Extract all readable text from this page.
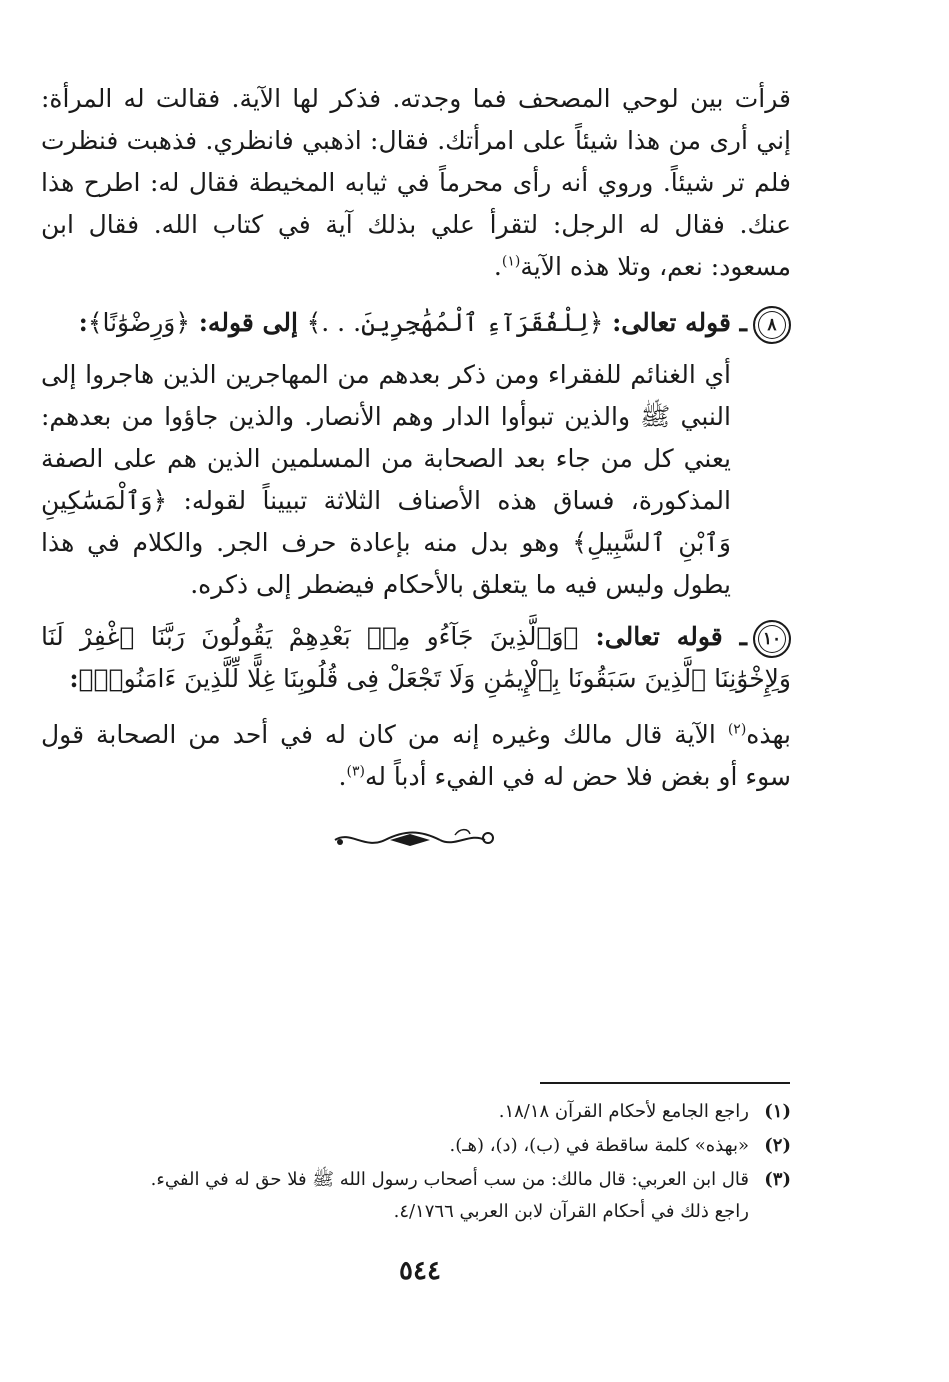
قرأت بين لوحي المصحف فما وجدته. فذكر لها الآية. فقالت له المرأة: إني أرى من هذا شيئاً على امرأتك. فقال: اذهبي فانظري. فذهبت فنظرت فلم تر شيئاً. وروي أنه رأى محرماً في ثيابه المخيطة فقال له: اطرح هذا عنك. فقال له الرجل: لتقرأ علي بذلك آية في كتاب الله. فقال ابن مسعود: نعم، وتلا هذه الآية$^{(١)}$.

٨ـ قوله تعالى: ﴿لِلْفُقَرَآءِ ٱلْمُهَٰجِرِينَ. . .﴾ إلى قوله: ﴿وَرِضْوَٰنًا﴾:

أي الغنائم للفقراء ومن ذكر بعدهم من المهاجرين الذين هاجروا إلى النبي ﷺ والذين تبوأوا الدار وهم الأنصار. والذين جاؤوا من بعدهم: يعني كل من جاء بعد الصحابة من المسلمين الذين هم على الصفة المذكورة، فساق هذه الأصناف الثلاثة تبييناً لقوله: ﴿وَٱلْمَسَٰكِينِ وَٱبْنِ ٱلسَّبِيلِ﴾ وهو بدل منه بإعادة حرف الجر. والكلام في هذا يطول وليس فيه ما يتعلق بالأحكام فيضطر إلى ذكره.

١٠ـ قوله تعالى: ﴿وَٱلَّذِينَ جَآءُو مِنۢ بَعْدِهِمْ يَقُولُونَ رَبَّنَا ٱغْفِرْ لَنَا وَلِإِخْوَٰنِنَا ٱلَّذِينَ سَبَقُونَا بِٱلْإِيمَٰنِ وَلَا تَجْعَلْ فِى قُلُوبِنَا غِلًّا لِّلَّذِينَ ءَامَنُوا۟﴾:

بهذه$^{(٢)}$ الآية قال مالك وغيره إنه من كان له في أحد من الصحابة قول سوء أو بغض فلا حض له في الفيء أدباً له$^{(٣)}$.

(١)راجع الجامع لأحكام القرآن ١٨/١٨.
(٢)«بهذه» كلمة ساقطة في (ب)، (د)، (هـ).
(٣)قال ابن العربي: قال مالك: من سب أصحاب رسول الله ﷺ فلا حق له في الفيء.
راجع ذلك في أحكام القرآن لابن العربي ٤/١٧٦٦.
٥٤٤
